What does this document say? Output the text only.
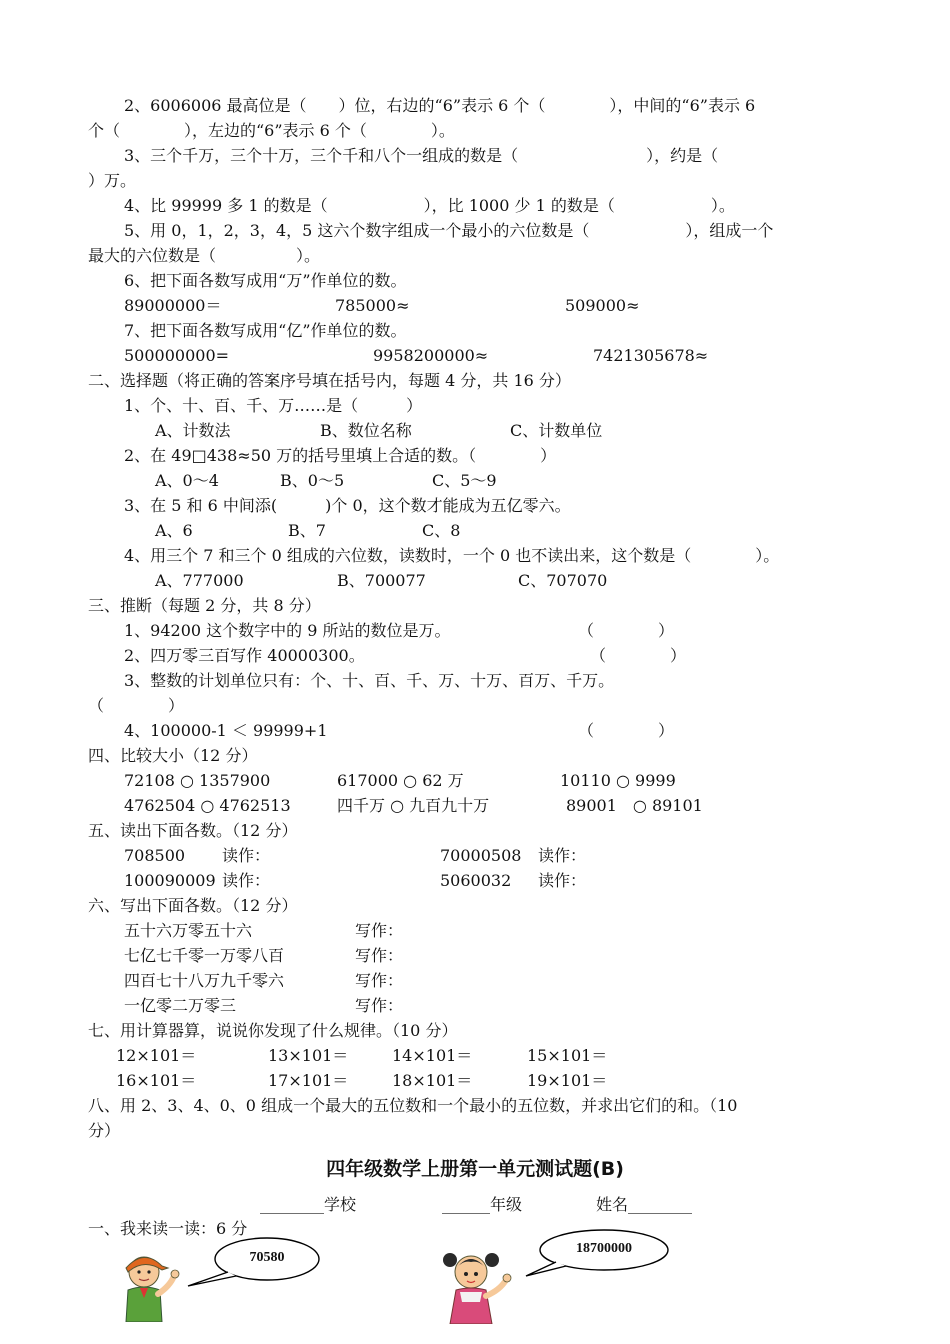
2、6006006 最高位是（　　）位，右边的“6”表示 6 个（　　　　），中间的“6”表示 6
个（　　　　），左边的“6”表示 6 个（　　　　）。
3、三个千万，三个十万，三个千和八个一组成的数是（　　　　　　　　），约是（
）万。
4、比 99999 多 1 的数是（　　　　　　），比 1000 少 1 的数是（　　　　　　）。
5、用 0，1，2，3，4，5 这六个数字组成一个最小的六位数是（　　　　　　），组成一个
最大的六位数是（　　　　　）。
6、把下面各数写成用“万”作单位的数。
89000000＝	785000≈	509000≈
7、把下面各数写成用“亿”作单位的数。
500000000=	9958200000≈	7421305678≈
二、选择题（将正确的答案序号填在括号内，每题 4 分，共 16 分）
1、个、十、百、千、万……是（　　　）
A、计数法	B、数位名称	C、计数单位
2、在 49□438≈50 万的括号里填上合适的数。（　　　　）
A、0～4	B、0～5	C、5～9
3、在 5 和 6 中间添(　　　)个 0，这个数才能成为五亿零六。
A、6	B、7	C、8
4、用三个 7 和三个 0 组成的六位数，读数时，一个 0 也不读出来，这个数是（　　　　）。
A、777000	B、700077	C、707070
三、推断（每题 2 分，共 8 分）
1、94200 这个数字中的 9 所站的数位是万。	（　　　　）
2、四万零三百写作 40000300。	（　　　　）
3、整数的计划单位只有：个、十、百、千、万、十万、百万、千万。
（　　　　）
4、100000-1 ＜ 99999+1	（　　　　）
四、比较大小（12 分）
72108 ○ 1357900	617000 ○ 62 万	10110 ○ 9999
4762504 ○ 4762513	四千万 ○ 九百九十万	89001　○ 89101
五、读出下面各数。（12 分）
708500 读作：	70000508 读作：
100090009 读作：	5060032 读作：
六、写出下面各数。（12 分）
五十六万零五十六	写作：
七亿七千零一万零八百	写作：
四百七十八万九千零六	写作：
一亿零二万零三	写作：
七、用计算器算，说说你发现了什么规律。（10 分）
12×101＝	13×101＝	14×101＝	15×101＝
16×101＝	17×101＝	18×101＝	19×101＝
八、用 2、3、4、0、0 组成一个最大的五位数和一个最小的五位数，并求出它们的和。（10
分）
四年级数学上册第一单元测试题(B)
________学校	______年级	姓名________
一、我来读一读：6 分
70580
18700000
